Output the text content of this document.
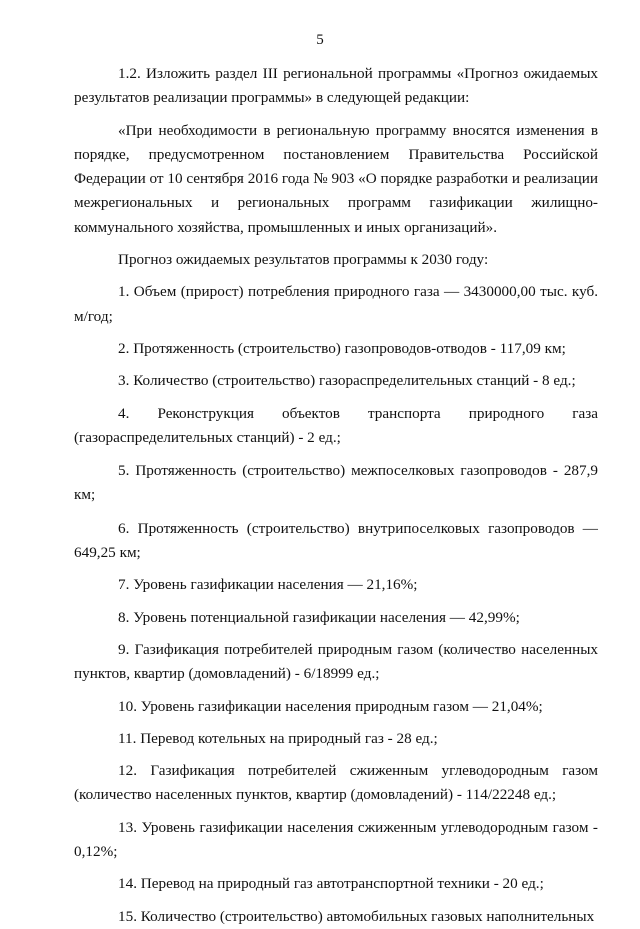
5

1.2. Изложить раздел III региональной программы «Прогноз ожидаемых результатов реализации программы» в следующей редакции:

«При необходимости в региональную программу вносятся изменения в порядке, предусмотренном постановлением Правительства Российской Федерации от 10 сентября 2016 года № 903 «О порядке разработки и реализации межрегиональных и региональных программ газификации жилищно-коммунального хозяйства, промышленных и иных организаций».

Прогноз ожидаемых результатов программы к 2030 году:

1. Объем (прирост) потребления природного газа — 3430000,00 тыс. куб. м/год;

2. Протяженность (строительство) газопроводов-отводов - 117,09 км;

3. Количество (строительство) газораспределительных станций - 8 ед.;

4. Реконструкция объектов транспорта природного газа (газораспределительных станций) - 2 ед.;

5. Протяженность (строительство) межпоселковых газопроводов - 287,9 км;

6. Протяженность (строительство) внутрипоселковых газопроводов — 649,25 км;

7. Уровень газификации населения — 21,16%;

8. Уровень потенциальной газификации населения — 42,99%;

9. Газификация потребителей природным газом (количество населенных пунктов, квартир (домовладений) - 6/18999 ед.;

10. Уровень газификации населения природным газом — 21,04%;

11. Перевод котельных на природный газ - 28 ед.;

12. Газификация потребителей сжиженным углеводородным газом (количество населенных пунктов, квартир (домовладений) - 114/22248 ед.;

13. Уровень газификации населения сжиженным углеводородным газом - 0,12%;

14. Перевод на природный газ автотранспортной техники - 20 ед.;

15. Количество (строительство) автомобильных газовых наполнительных
